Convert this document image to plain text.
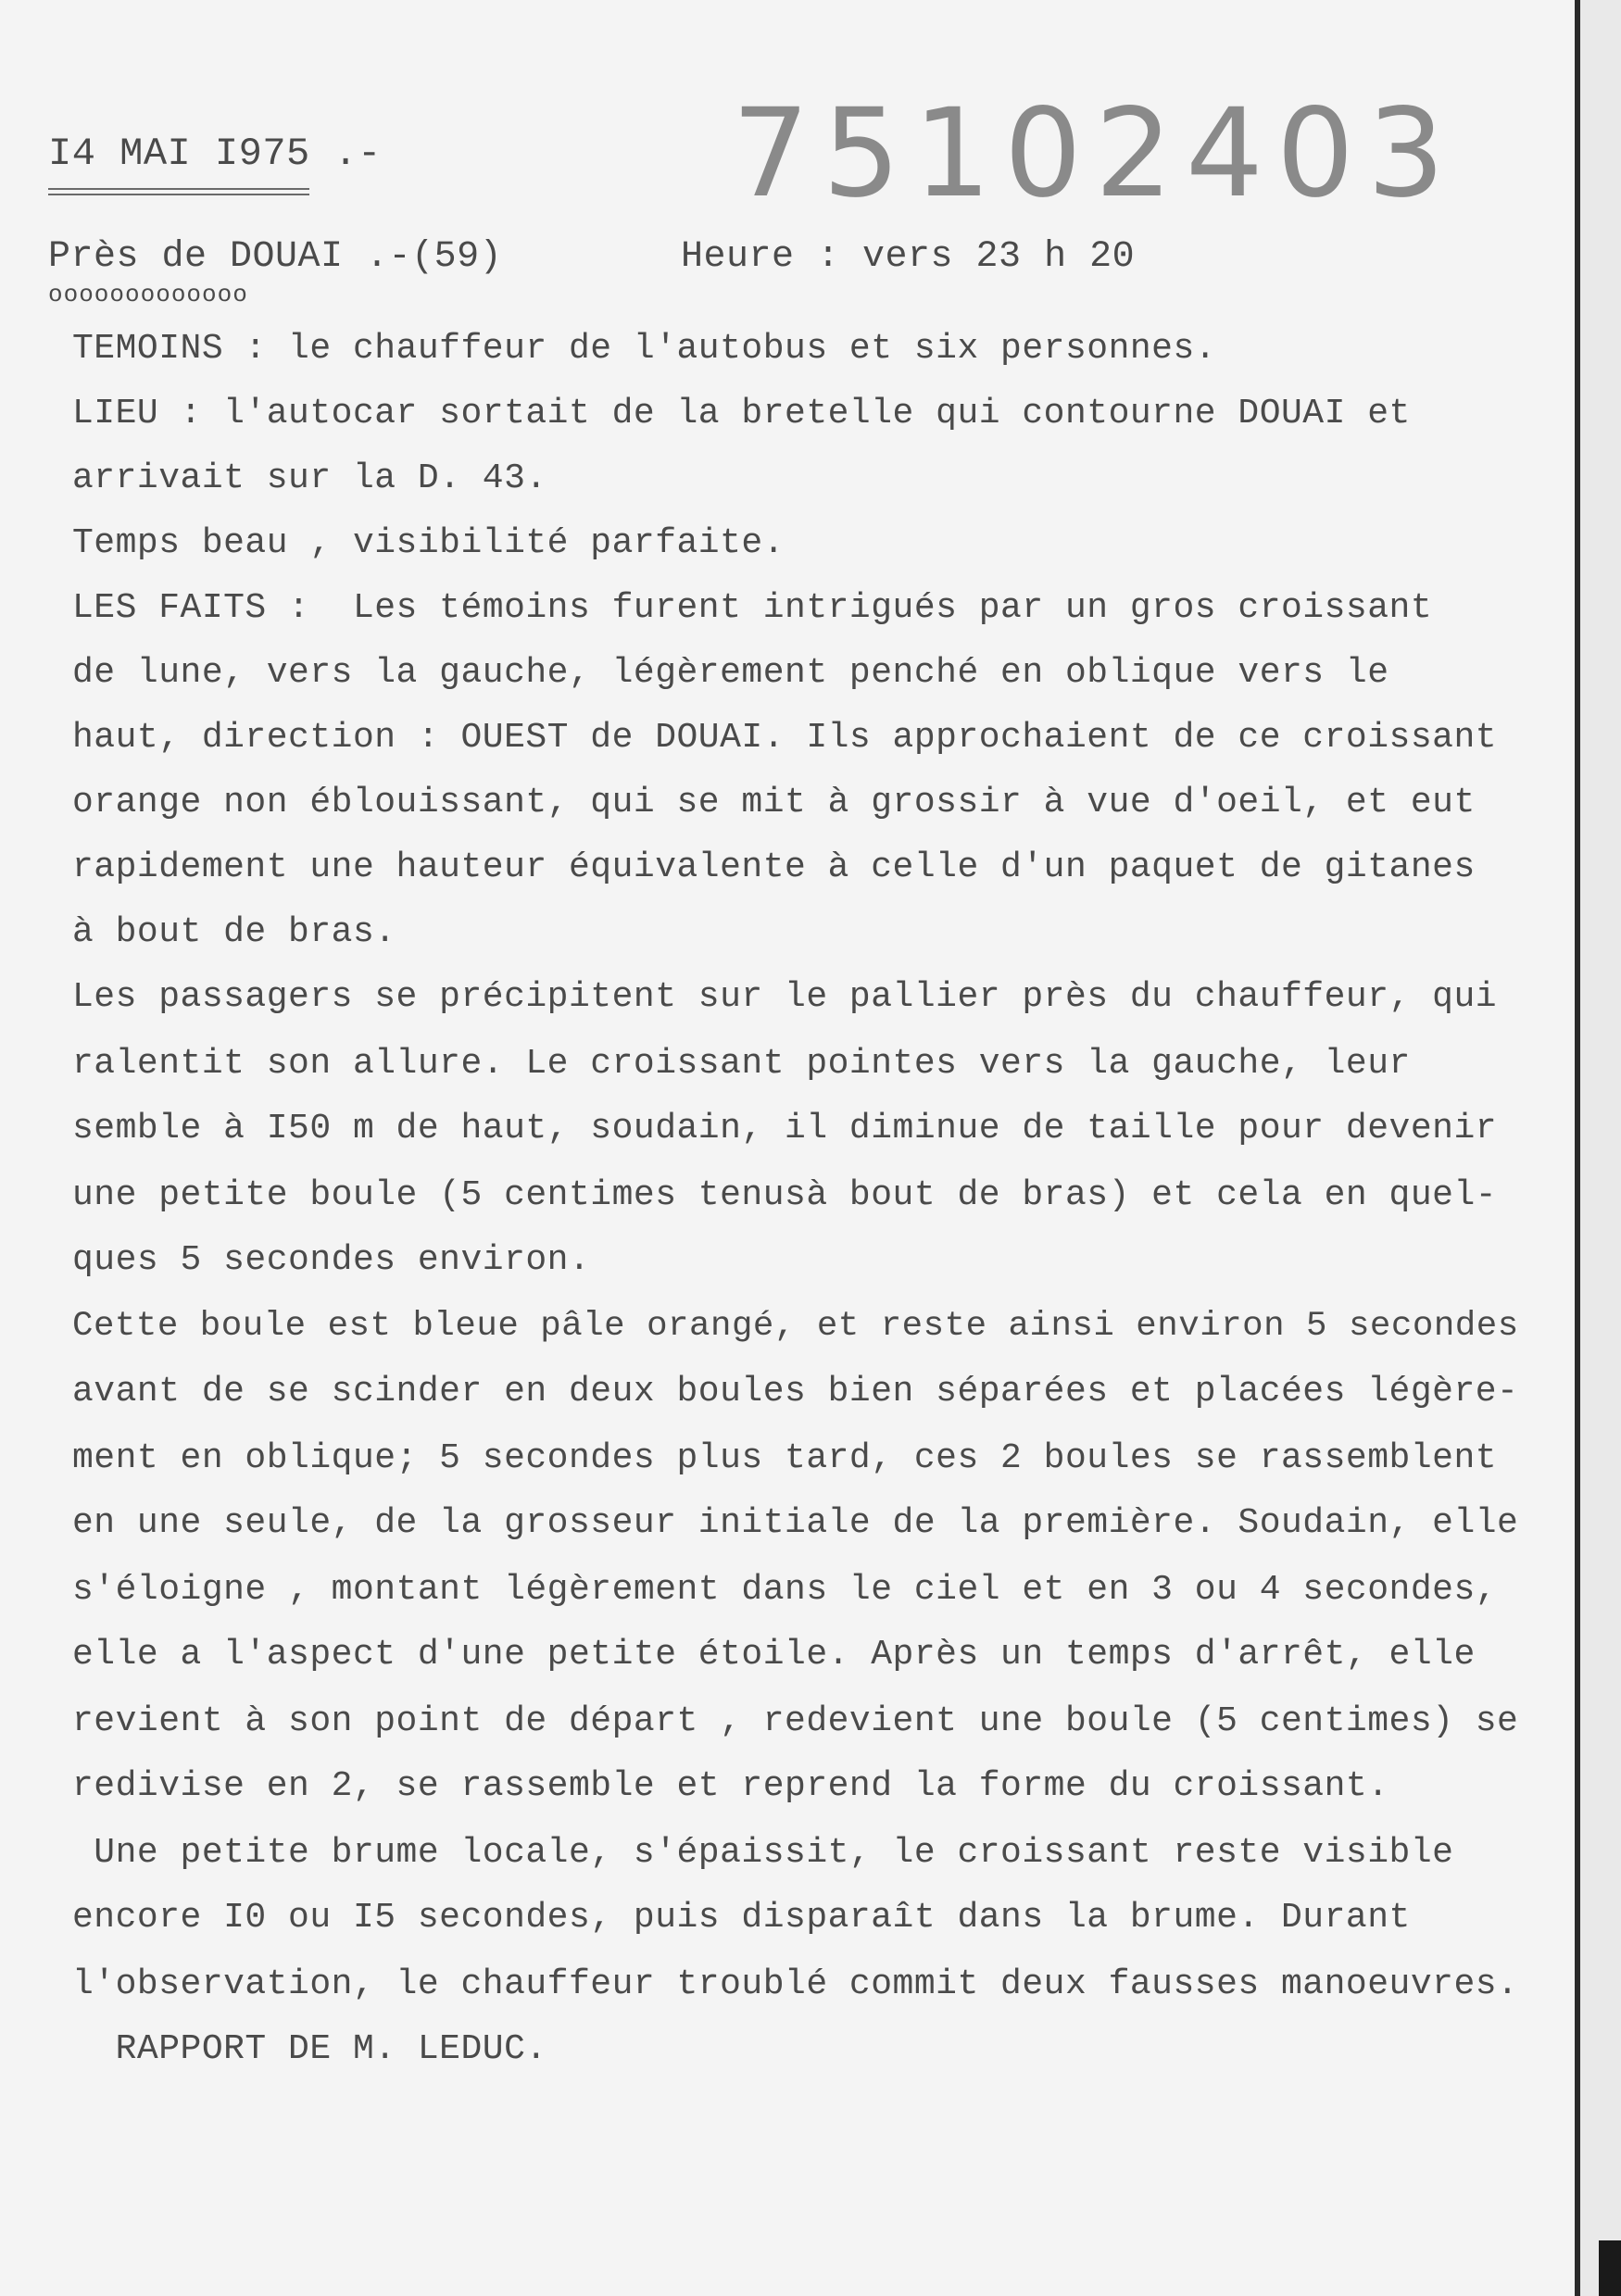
I4 MAI I975 .-	75102403
Près de DOUAI .-(59)
ooooooooooooo
Heure : vers 23 h 20
TEMOINS : le chauffeur de l'autobus et six personnes.
LIEU : l'autocar sortait de la bretelle qui contourne DOUAI et
arrivait sur la D. 43.
Temps beau , visibilité parfaite.
LES FAITS :  Les témoins furent intrigués par un gros croissant
de lune, vers la gauche, légèrement penché en oblique vers le
haut, direction : OUEST de DOUAI. Ils approchaient de ce croissant
orange non éblouissant, qui se mit à grossir à vue d'oeil, et eut
rapidement une hauteur équivalente à celle d'un paquet de gitanes
à bout de bras.
Les passagers se précipitent sur le pallier près du chauffeur, qui
ralentit son allure. Le croissant pointes vers la gauche, leur
semble à I50 m de haut, soudain, il diminue de taille pour devenir
une petite boule (5 centimes tenusà bout de bras) et cela en quel-
ques 5 secondes environ.
Cette boule est bleue pâle orangé, et reste ainsi environ 5 secondes
avant de se scinder en deux boules bien séparées et placées légère-
ment en oblique; 5 secondes plus tard, ces 2 boules se rassemblent
en une seule, de la grosseur initiale de la première. Soudain, elle
s'éloigne , montant légèrement dans le ciel et en 3 ou 4 secondes,
elle a l'aspect d'une petite étoile. Après un temps d'arrêt, elle
revient à son point de départ , redevient une boule (5 centimes) se
redivise en 2, se rassemble et reprend la forme du croissant.
Une petite brume locale, s'épaissit, le croissant reste visible
encore I0 ou I5 secondes, puis disparaît dans la brume. Durant
l'observation, le chauffeur troublé commit deux fausses manoeuvres.
RAPPORT DE M. LEDUC.
